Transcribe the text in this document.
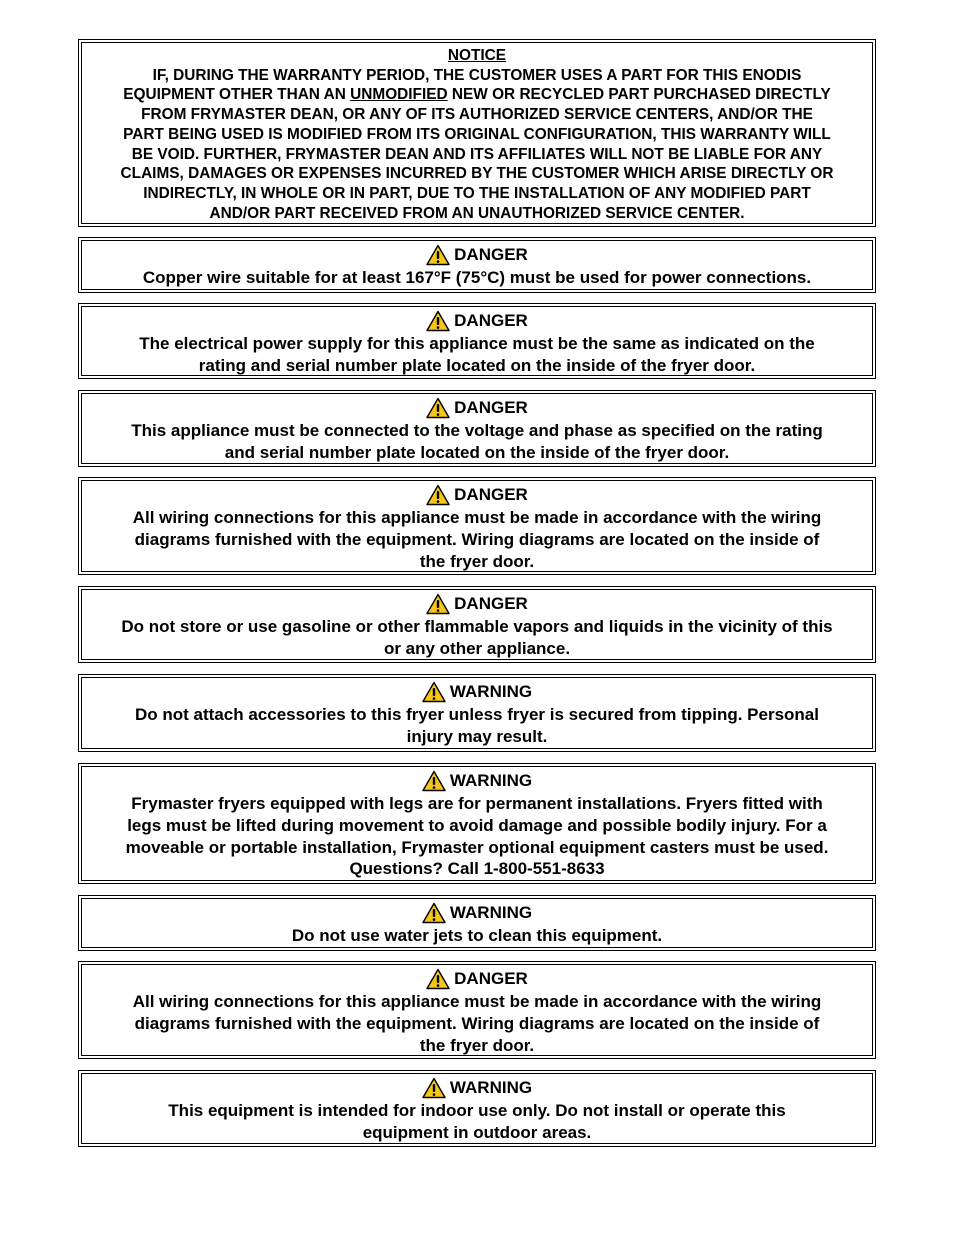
NOTICE
IF, DURING THE WARRANTY PERIOD, THE CUSTOMER USES A PART FOR THIS ENODIS
EQUIPMENT OTHER THAN AN UNMODIFIED NEW OR RECYCLED PART PURCHASED DIRECTLY
FROM FRYMASTER DEAN, OR ANY OF ITS AUTHORIZED SERVICE CENTERS, AND/OR THE
PART BEING USED IS MODIFIED FROM ITS ORIGINAL CONFIGURATION, THIS WARRANTY WILL
BE VOID. FURTHER, FRYMASTER DEAN AND ITS AFFILIATES WILL NOT BE LIABLE FOR ANY
CLAIMS, DAMAGES OR EXPENSES INCURRED BY THE CUSTOMER WHICH ARISE DIRECTLY OR
INDIRECTLY, IN WHOLE OR IN PART, DUE TO THE INSTALLATION OF ANY MODIFIED PART
AND/OR PART RECEIVED FROM AN UNAUTHORIZED SERVICE CENTER.
DANGER
Copper wire suitable for at least 167°F (75°C) must be used for power connections.
DANGER
The electrical power supply for this appliance must be the same as indicated on the
rating and serial number plate located on the inside of the fryer door.
DANGER
This appliance must be connected to the voltage and phase as specified on the rating
and serial number plate located on the inside of the fryer door.
DANGER
All wiring connections for this appliance must be made in accordance with the wiring
diagrams furnished with the equipment. Wiring diagrams are located on the inside of
the fryer door.
DANGER
Do not store or use gasoline or other flammable vapors and liquids in the vicinity of this
or any other appliance.
WARNING
Do not attach accessories to this fryer unless fryer is secured from tipping. Personal
injury may result.
WARNING
Frymaster fryers equipped with legs are for permanent installations. Fryers fitted with
legs must be lifted during movement to avoid damage and possible bodily injury. For a
moveable or portable installation, Frymaster optional equipment casters must be used.
Questions? Call 1-800-551-8633
WARNING
Do not use water jets to clean this equipment.
DANGER
All wiring connections for this appliance must be made in accordance with the wiring
diagrams furnished with the equipment. Wiring diagrams are located on the inside of
the fryer door.
WARNING
This equipment is intended for indoor use only. Do not install or operate this
equipment in outdoor areas.
